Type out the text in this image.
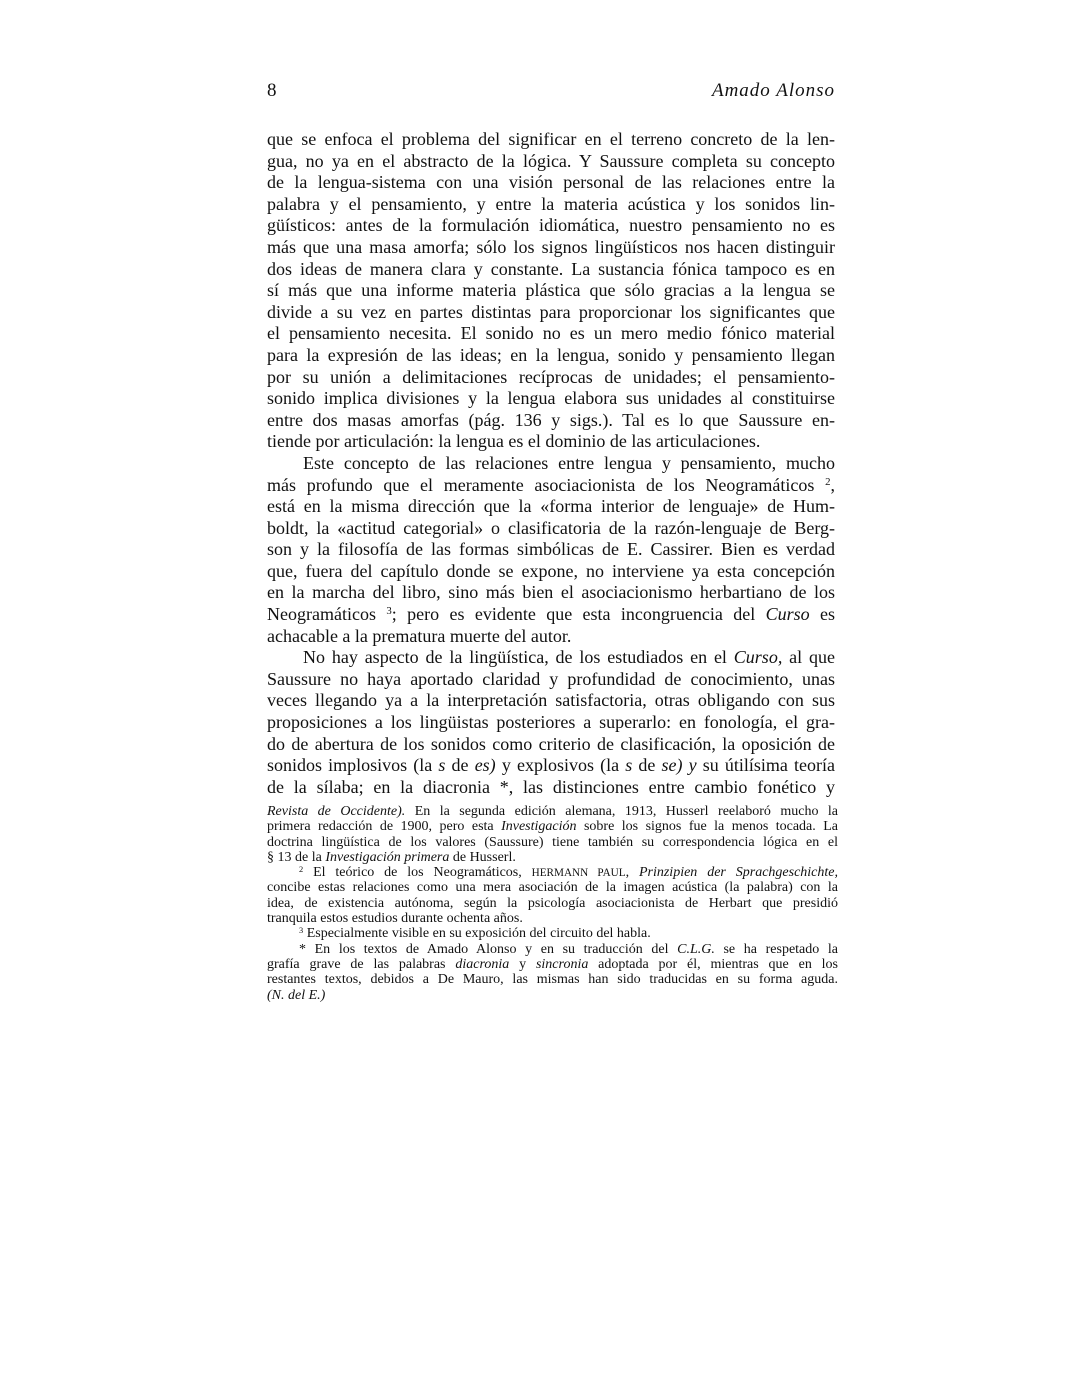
8	Amado Alonso
que se enfoca el problema del significar en el terreno concreto de la len-
gua, no ya en el abstracto de la lógica. Y Saussure completa su concepto
de la lengua-sistema con una visión personal de las relaciones entre la
palabra y el pensamiento, y entre la materia acústica y los sonidos lin-
güísticos: antes de la formulación idiomática, nuestro pensamiento no es
más que una masa amorfa; sólo los signos lingüísticos nos hacen distinguir
dos ideas de manera clara y constante. La sustancia fónica tampoco es en
sí más que una informe materia plástica que sólo gracias a la lengua se
divide a su vez en partes distintas para proporcionar los significantes que
el pensamiento necesita. El sonido no es un mero medio fónico material
para la expresión de las ideas; en la lengua, sonido y pensamiento llegan
por su unión a delimitaciones recíprocas de unidades; el pensamiento-
sonido implica divisiones y la lengua elabora sus unidades al constituirse
entre dos masas amorfas (pág. 136 y sigs.). Tal es lo que Saussure en-
tiende por articulación: la lengua es el dominio de las articulaciones.
Este concepto de las relaciones entre lengua y pensamiento, mucho
más profundo que el meramente asociacionista de los Neogramáticos $^2$,
está en la misma dirección que la «forma interior de lenguaje» de Hum-
boldt, la «actitud categorial» o clasificatoria de la razón-lenguaje de Berg-
son y la filosofía de las formas simbólicas de E. Cassirer. Bien es verdad
que, fuera del capítulo donde se expone, no interviene ya esta concepción
en la marcha del libro, sino más bien el asociacionismo herbartiano de los
Neogramáticos $^3$; pero es evidente que esta incongruencia del Curso es
achacable a la prematura muerte del autor.
No hay aspecto de la lingüística, de los estudiados en el Curso, al que
Saussure no haya aportado claridad y profundidad de conocimiento, unas
veces llegando ya a la interpretación satisfactoria, otras obligando con sus
proposiciones a los lingüistas posteriores a superarlo: en fonología, el gra-
do de abertura de los sonidos como criterio de clasificación, la oposición de
sonidos implosivos (la s de es) y explosivos (la s de se) y su útilísima teoría
de la sílaba; en la diacronia *, las distinciones entre cambio fonético y
Revista de Occidente). En la segunda edición alemana, 1913, Husserl reelaboró mucho la
primera redacción de 1900, pero esta Investigación sobre los signos fue la menos tocada. La
doctrina lingüística de los valores (Saussure) tiene también su correspondencia lógica en el
§ 13 de la Investigación primera de Husserl.
$^2$ El teórico de los Neogramáticos, HERMANN PAUL, Prinzipien der Sprachgeschichte,
concibe estas relaciones como una mera asociación de la imagen acústica (la palabra) con la
idea, de existencia autónoma, según la psicología asociacionista de Herbart que presidió
tranquila estos estudios durante ochenta años.
$^3$ Especialmente visible en su exposición del circuito del habla.
* En los textos de Amado Alonso y en su traducción del C.L.G. se ha respetado la
grafía grave de las palabras diacronia y sincronia adoptada por él, mientras que en los
restantes textos, debidos a De Mauro, las mismas han sido traducidas en su forma aguda.
(N. del E.)
